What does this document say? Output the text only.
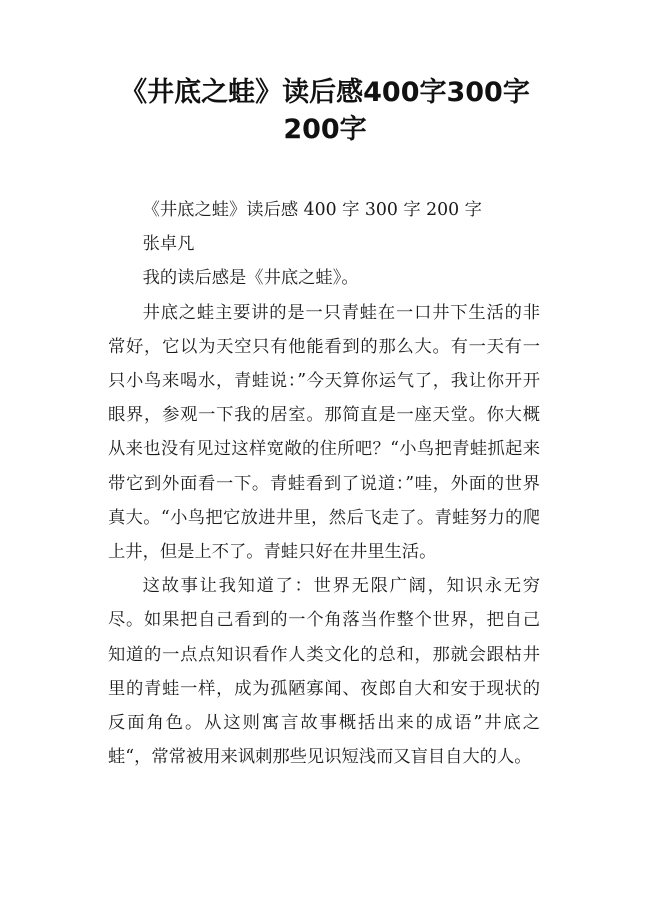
《井底之蛙》读后感400字300字
200字

《井底之蛙》读后感 400 字 300 字 200 字

张卓凡

我的读后感是《井底之蛙》。

井底之蛙主要讲的是一只青蛙在一口井下生活的非常好，它以为天空只有他能看到的那么大。有一天有一只小鸟来喝水，青蛙说：”今天算你运气了，我让你开开眼界，参观一下我的居室。那简直是一座天堂。你大概从来也没有见过这样宽敞的住所吧？“小鸟把青蛙抓起来带它到外面看一下。青蛙看到了说道：”哇，外面的世界真大。“小鸟把它放进井里，然后飞走了。青蛙努力的爬上井，但是上不了。青蛙只好在井里生活。

这故事让我知道了：世界无限广阔，知识永无穷尽。如果把自己看到的一个角落当作整个世界，把自己知道的一点点知识看作人类文化的总和，那就会跟枯井里的青蛙一样，成为孤陋寡闻、夜郎自大和安于现状的反面角色。从这则寓言故事概括出来的成语”井底之蛙“，常常被用来讽刺那些见识短浅而又盲目自大的人。
